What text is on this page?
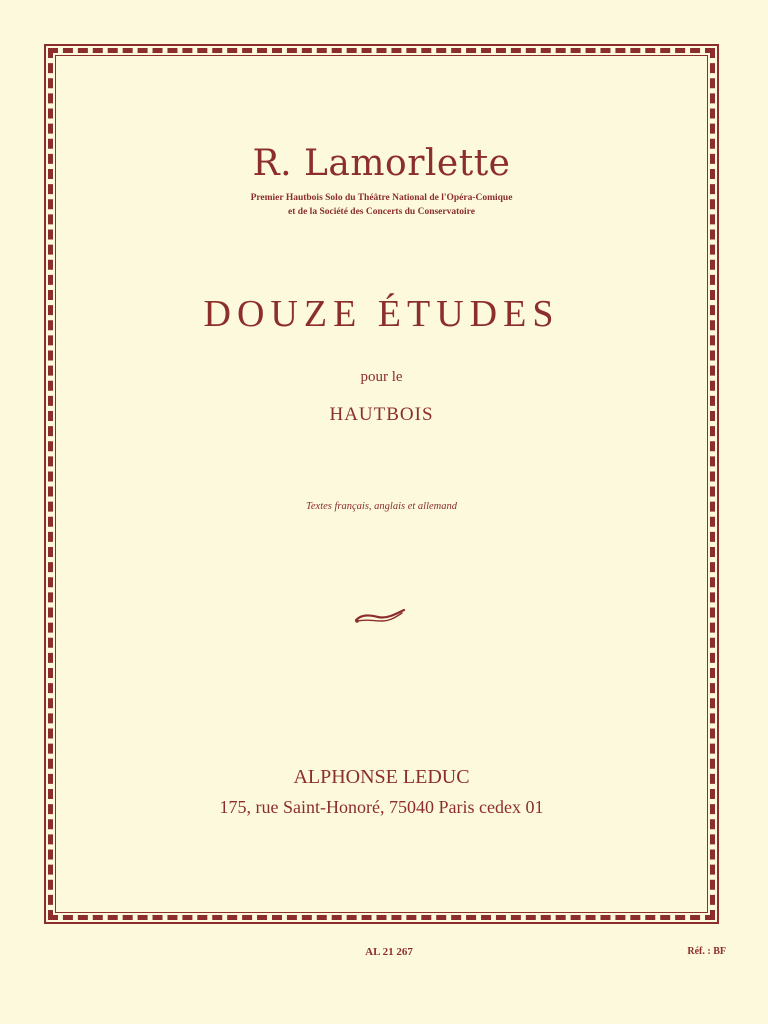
R. Lamorlette
Premier Hautbois Solo du Théâtre National de l'Opéra-Comique
et de la Société des Concerts du Conservatoire
DOUZE ÉTUDES
pour le
HAUTBOIS
Textes français, anglais et allemand
ALPHONSE LEDUC
175, rue Saint-Honoré, 75040 Paris cedex 01
AL 21 267	Réf. : BF
